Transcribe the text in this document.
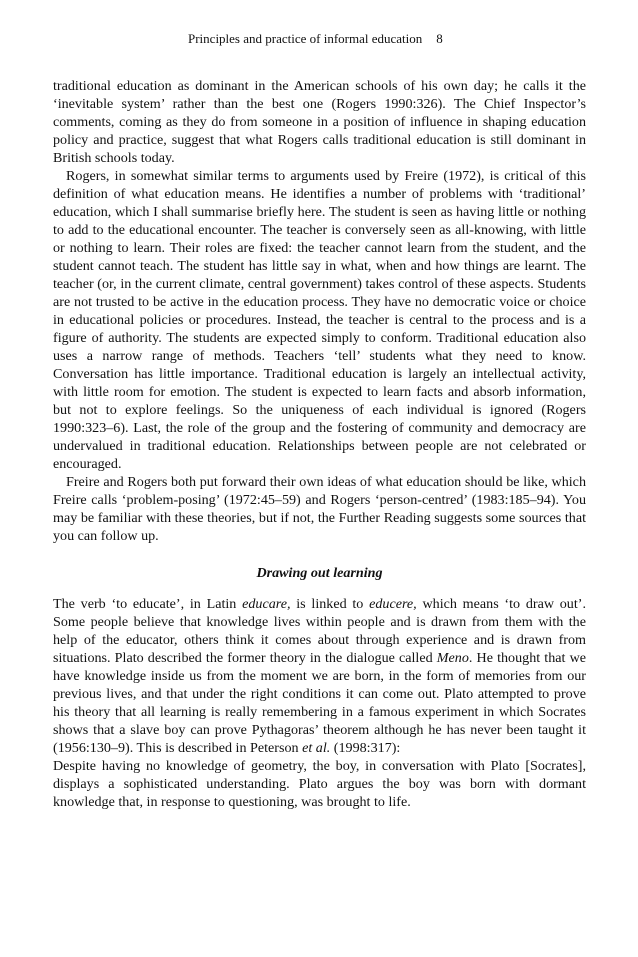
Principles and practice of informal education 8

traditional education as dominant in the American schools of his own day; he calls it the ‘inevitable system’ rather than the best one (Rogers 1990:326). The Chief Inspector’s comments, coming as they do from someone in a position of influence in shaping education policy and practice, suggest that what Rogers calls traditional education is still dominant in British schools today.

Rogers, in somewhat similar terms to arguments used by Freire (1972), is critical of this definition of what education means. He identifies a number of problems with ‘traditional’ education, which I shall summarise briefly here. The student is seen as having little or nothing to add to the educational encounter. The teacher is conversely seen as all-knowing, with little or nothing to learn. Their roles are fixed: the teacher cannot learn from the student, and the student cannot teach. The student has little say in what, when and how things are learnt. The teacher (or, in the current climate, central government) takes control of these aspects. Students are not trusted to be active in the education process. They have no democratic voice or choice in educational policies or procedures. Instead, the teacher is central to the process and is a figure of authority. The students are expected simply to conform. Traditional education also uses a narrow range of methods. Teachers ‘tell’ students what they need to know. Conversation has little importance. Traditional education is largely an intellectual activity, with little room for emotion. The student is expected to learn facts and absorb information, but not to explore feelings. So the uniqueness of each individual is ignored (Rogers 1990:323–6). Last, the role of the group and the fostering of community and democracy are undervalued in traditional education. Relationships between people are not celebrated or encouraged.

Freire and Rogers both put forward their own ideas of what education should be like, which Freire calls ‘problem-posing’ (1972:45–59) and Rogers ‘person-centred’ (1983:185–94). You may be familiar with these theories, but if not, the Further Reading suggests some sources that you can follow up.

Drawing out learning

The verb ‘to educate’, in Latin educare, is linked to educere, which means ‘to draw out’. Some people believe that knowledge lives within people and is drawn from them with the help of the educator, others think it comes about through experience and is drawn from situations. Plato described the former theory in the dialogue called Meno. He thought that we have knowledge inside us from the moment we are born, in the form of memories from our previous lives, and that under the right conditions it can come out. Plato attempted to prove his theory that all learning is really remembering in a famous experiment in which Socrates shows that a slave boy can prove Pythagoras’ theorem although he has never been taught it (1956:130–9). This is described in Peterson et al. (1998:317):

Despite having no knowledge of geometry, the boy, in conversation with Plato [Socrates], displays a sophisticated understanding. Plato argues the boy was born with dormant knowledge that, in response to questioning, was brought to life.
